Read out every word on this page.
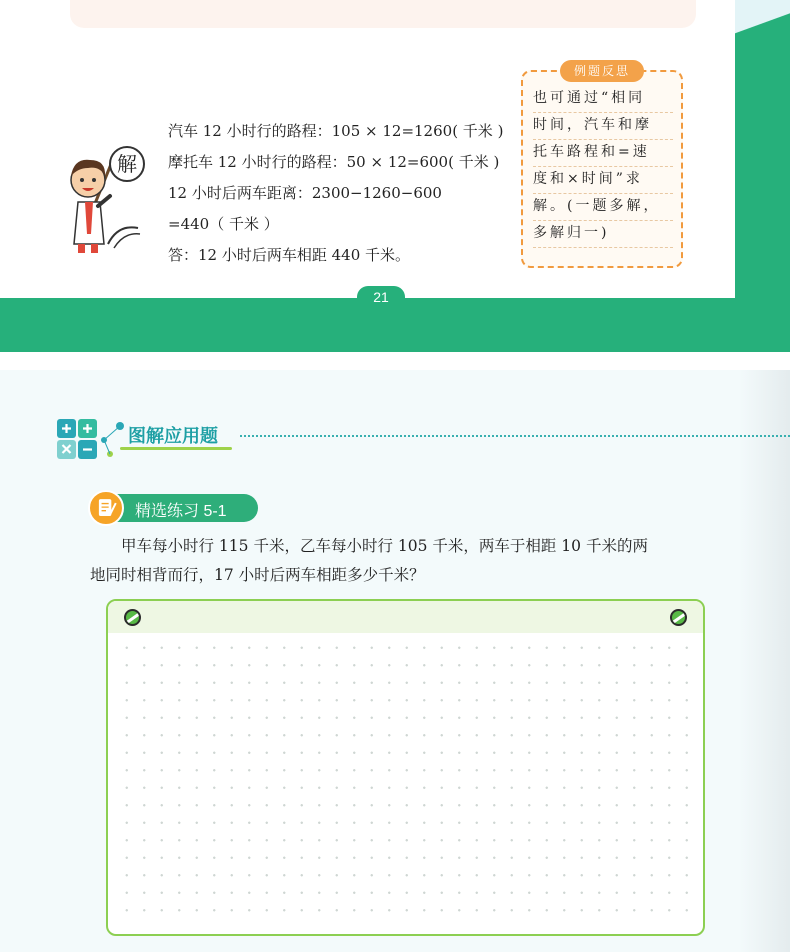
21
解
汽车 12 小时行的路程：105 × 12=1260( 千米 )
摩托车 12 小时行的路程：50 × 12=600( 千米 )
12 小时后两车距离：2300−1260−600
=440（ 千米 ）
答：12 小时后两车相距 440 千米。
例题反思
也可通过“相同
时间，汽车和摩
托车路程和=速
度和×时间”求
解。(一题多解，
多解归一)
图解应用题
精选练习 5-1
　　甲车每小时行 115 千米，乙车每小时行 105 千米，两车于相距 10 千米的两
地同时相背而行，17 小时后两车相距多少千米？
